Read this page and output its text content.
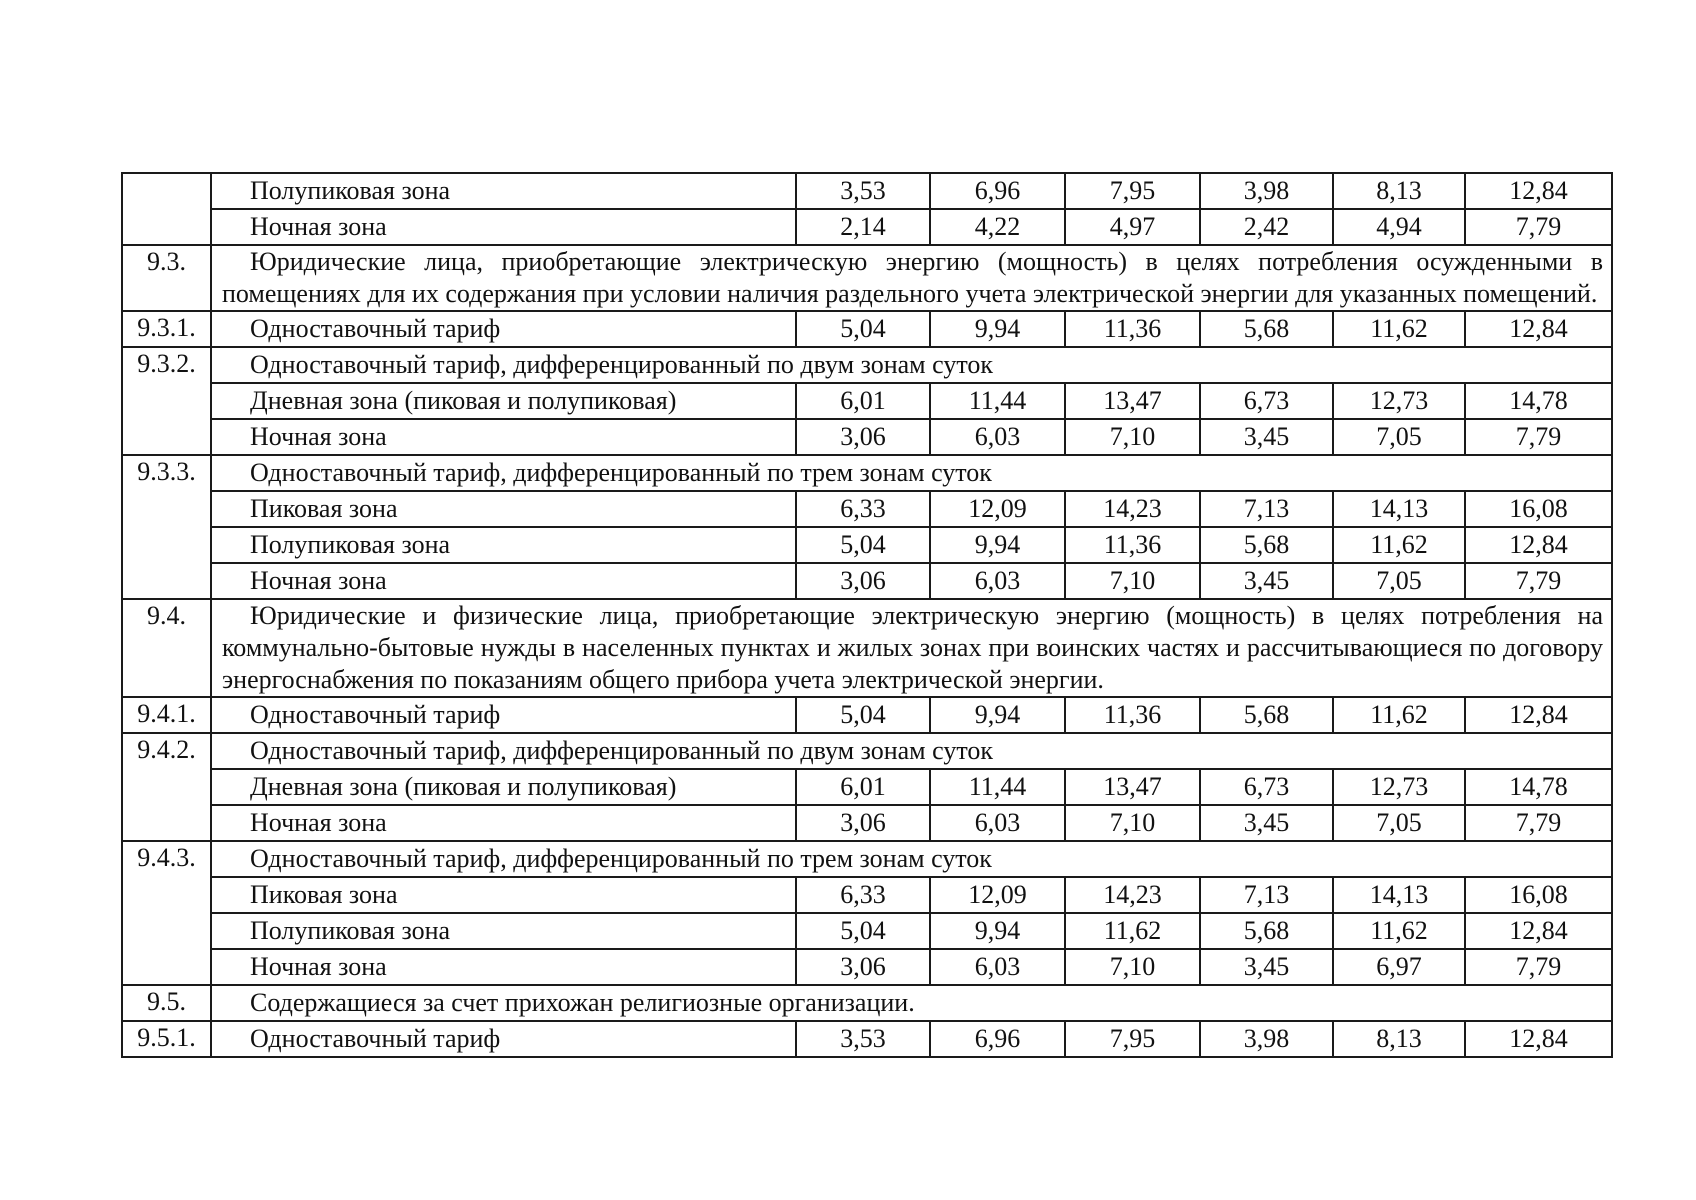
	Полупиковая зона	3,53	6,96	7,95	3,98	8,13	12,84
	Ночная зона	2,14	4,22	4,97	2,42	4,94	7,79
9.3.	Юридические лица, приобретающие электрическую энергию (мощность) в целях потребления осужденными в помещениях для их содержания при условии наличия раздельного учета электрической энергии для указанных помещений.						
9.3.1.	Одноставочный тариф	5,04	9,94	11,36	5,68	11,62	12,84
9.3.2.	Одноставочный тариф, дифференцированный по двум зонам суток						
	Дневная зона (пиковая и полупиковая)	6,01	11,44	13,47	6,73	12,73	14,78
	Ночная зона	3,06	6,03	7,10	3,45	7,05	7,79
9.3.3.	Одноставочный тариф, дифференцированный по трем зонам суток						
	Пиковая зона	6,33	12,09	14,23	7,13	14,13	16,08
	Полупиковая зона	5,04	9,94	11,36	5,68	11,62	12,84
	Ночная зона	3,06	6,03	7,10	3,45	7,05	7,79
9.4.	Юридические и физические лица, приобретающие электрическую энергию (мощность) в целях потребления на коммунально-бытовые нужды в населенных пунктах и жилых зонах при воинских частях и рассчитывающиеся по договору энергоснабжения по показаниям общего прибора учета электрической энергии.						
9.4.1.	Одноставочный тариф	5,04	9,94	11,36	5,68	11,62	12,84
9.4.2.	Одноставочный тариф, дифференцированный по двум зонам суток						
	Дневная зона (пиковая и полупиковая)	6,01	11,44	13,47	6,73	12,73	14,78
	Ночная зона	3,06	6,03	7,10	3,45	7,05	7,79
9.4.3.	Одноставочный тариф, дифференцированный по трем зонам суток						
	Пиковая зона	6,33	12,09	14,23	7,13	14,13	16,08
	Полупиковая зона	5,04	9,94	11,62	5,68	11,62	12,84
	Ночная зона	3,06	6,03	7,10	3,45	6,97	7,79
9.5.	Содержащиеся за счет прихожан религиозные организации.						
9.5.1.	Одноставочный тариф	3,53	6,96	7,95	3,98	8,13	12,84
